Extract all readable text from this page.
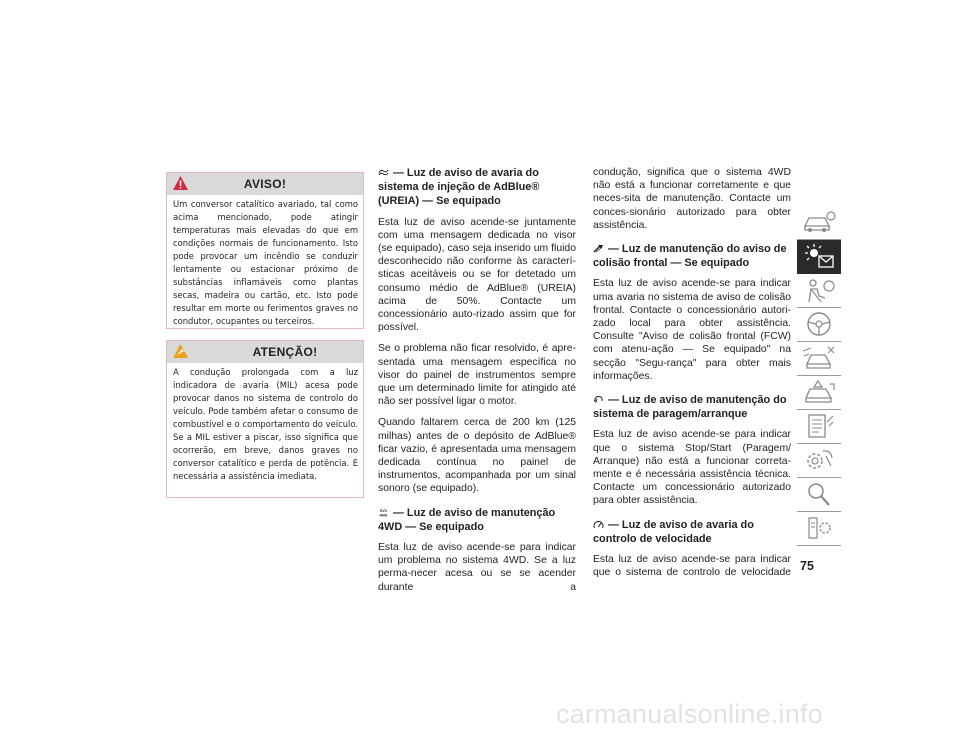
AVISO!
Um conversor catalítico avariado, tal como acima mencionado, pode atingir temperaturas mais elevadas do que em condições normais de funcionamento. Isto pode provocar um incêndio se conduzir lentamente ou estacionar próximo de substâncias inflamáveis como plantas secas, madeira ou cartão, etc. Isto pode resultar em morte ou ferimentos graves no condutor, ocupantes ou terceiros.
ATENÇÃO!
A condução prolongada com a luz indicadora de avaria (MIL) acesa pode provocar danos no sistema de controlo do veículo. Pode também afetar o consumo de combustível e o comportamento do veículo. Se a MIL estiver a piscar, isso significa que ocorrerão, em breve, danos graves no conversor catalítico e perda de potência. É necessária a assistência imediata.
— Luz de aviso de avaria do sistema de injeção de AdBlue® (UREIA) — Se equipado

Esta luz de aviso acende-se juntamente com uma mensagem dedicada no visor (se equipado), caso seja inserido um fluido desconhecido não conforme às caracterí-sticas aceitáveis ou se for detetado um consumo médio de AdBlue® (UREIA) acima de 50%. Contacte um concessionário auto-rizado assim que for possível.

Se o problema não ficar resolvido, é apre-sentada uma mensagem específica no visor do painel de instrumentos sempre que um determinado limite for atingido até não ser possível ligar o motor.

Quando faltarem cerca de 200 km (125 milhas) antes de o depósito de AdBlue® ficar vazio, é apresentada uma mensagem dedicada contínua no painel de instrumentos, acompanhada por um sinal sonoro (se equipado).

SVC
4WD — Luz de aviso de manutenção 4WD — Se equipado

Esta luz de aviso acende-se para indicar um problema no sistema 4WD. Se a luz perma-necer acesa ou se se acender durante a

condução, significa que o sistema 4WD não está a funcionar corretamente e que neces-sita de manutenção. Contacte um conces-sionário autorizado para obter assistência.

— Luz de manutenção do aviso de colisão frontal — Se equipado

Esta luz de aviso acende-se para indicar uma avaria no sistema de aviso de colisão frontal. Contacte o concessionário autori-zado local para obter assistência. Consulte "Aviso de colisão frontal (FCW) com atenu-ação — Se equipado" na secção "Segu-rança" para obter mais informações.

— Luz de aviso de manutenção do sistema de paragem/arranque

Esta luz de aviso acende-se para indicar que o sistema Stop/Start (Paragem/ Arranque) não está a funcionar correta-mente e é necessária assistência técnica. Contacte um concessionário autorizado para obter assistência.

— Luz de aviso de avaria do controlo de velocidade

Esta luz de aviso acende-se para indicar que o sistema de controlo de velocidade 75
carmanualsonline.info
